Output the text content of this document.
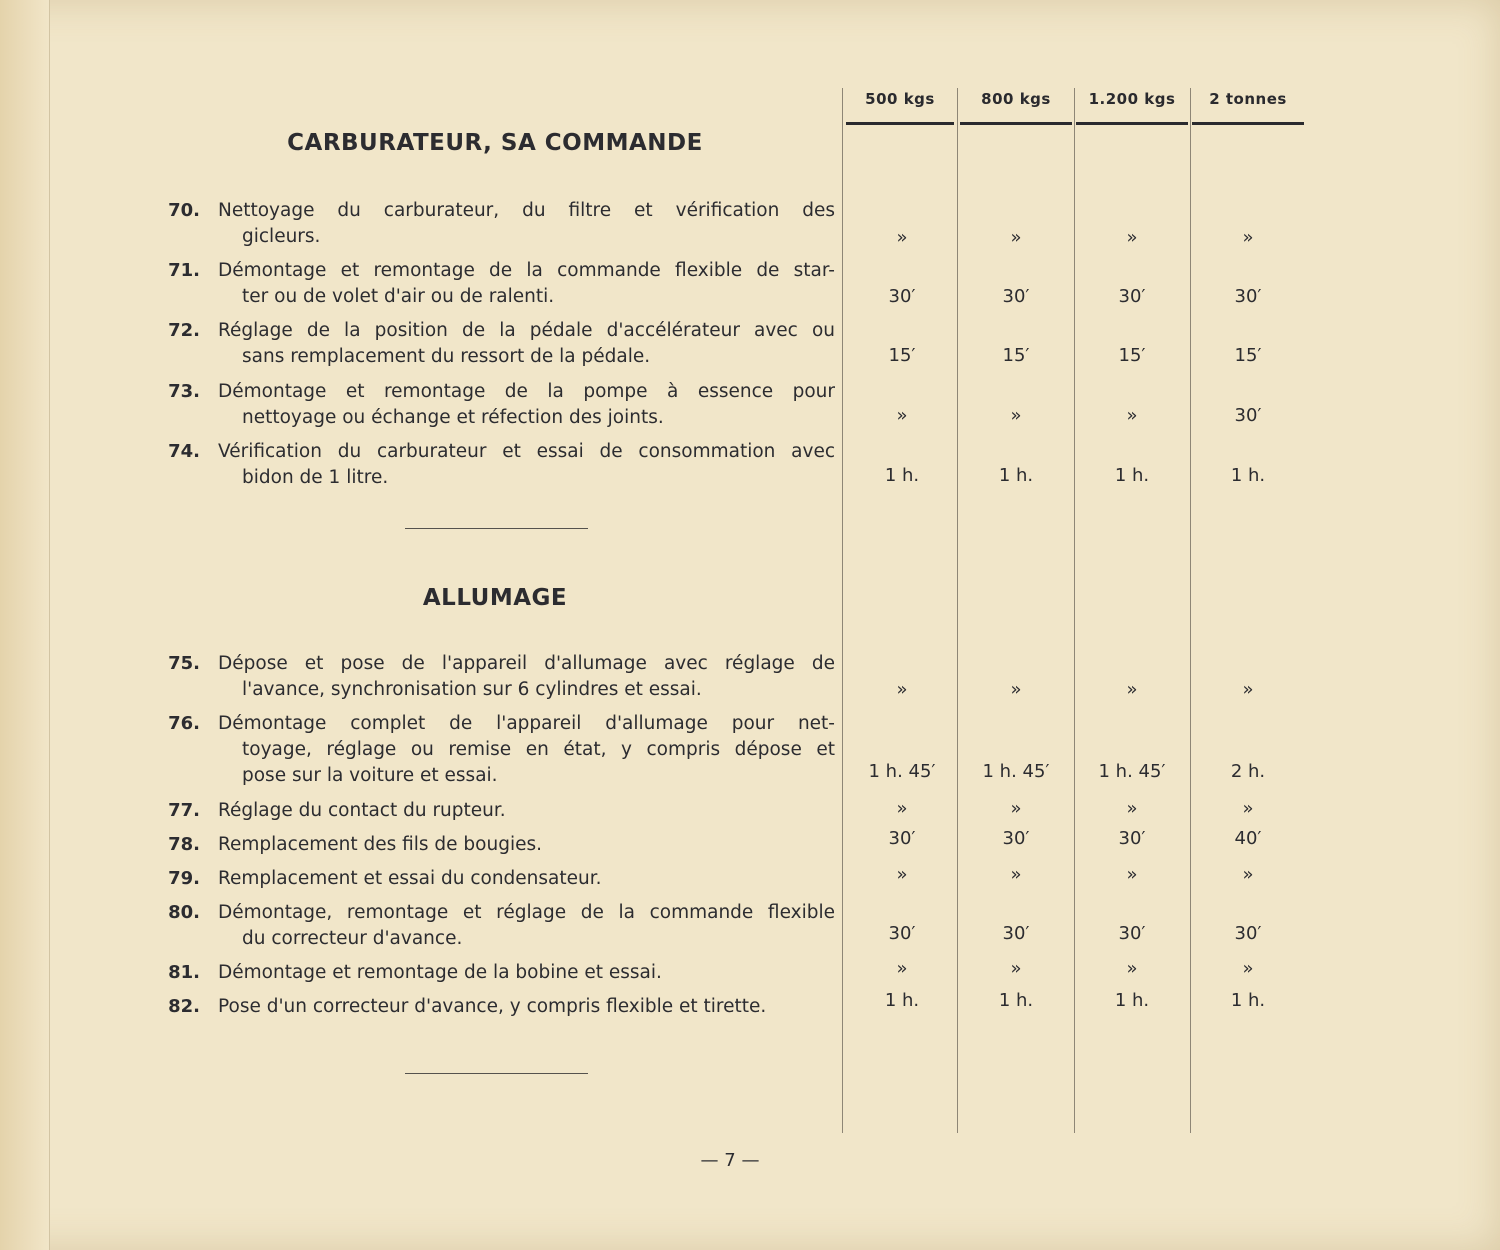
500 kgs	800 kgs	1.200 kgs	2 tonnes
CARBURATEUR, SA COMMANDE
70. Nettoyage du carburateur, du filtre et vérification des
gicleurs.	»	»	»	»
71. Démontage et remontage de la commande flexible de star-
ter ou de volet d'air ou de ralenti.	30′	30′	30′	30′
72. Réglage de la position de la pédale d'accélérateur avec ou
sans remplacement du ressort de la pédale.	15′	15′	15′	15′
73. Démontage et remontage de la pompe à essence pour
nettoyage ou échange et réfection des joints.	»	»	»	30′
74. Vérification du carburateur et essai de consommation avec
bidon de 1 litre.	1 h.	1 h.	1 h.	1 h.
ALLUMAGE
75. Dépose et pose de l'appareil d'allumage avec réglage de
l'avance, synchronisation sur 6 cylindres et essai.	»	»	»	»
76. Démontage complet de l'appareil d'allumage pour net-
toyage, réglage ou remise en état, y compris dépose et
pose sur la voiture et essai.	1 h. 45′	1 h. 45′	1 h. 45′	2 h.
77. Réglage du contact du rupteur.	»	»	»	»
78. Remplacement des fils de bougies.	30′	30′	30′	40′
79. Remplacement et essai du condensateur.	»	»	»	»
80. Démontage, remontage et réglage de la commande flexible
du correcteur d'avance.	30′	30′	30′	30′
81. Démontage et remontage de la bobine et essai.	»	»	»	»
82. Pose d'un correcteur d'avance, y compris flexible et tirette.	1 h.	1 h.	1 h.	1 h.
— 7 —
